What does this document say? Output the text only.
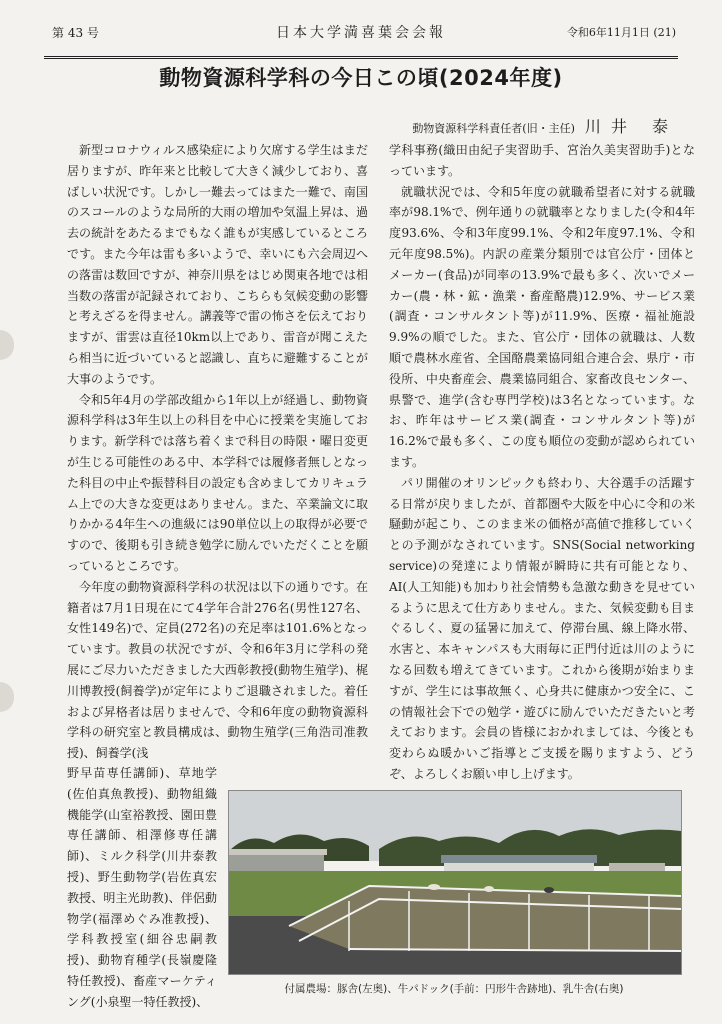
第 43 号	日本大学満喜葉会会報	令和6年11月1日 (21)
動物資源科学科の今日この頃(2024年度)
動物資源科学科責任者(旧・主任) 川井 泰

新型コロナウィルス感染症により欠席する学生はまだ居りますが、昨年来と比較して大きく減少しており、喜ばしい状況です。しかし一難去ってはまた一難で、南国のスコールのような局所的大雨の増加や気温上昇は、過去の統計をあたるまでもなく誰もが実感しているところです。また今年は雷も多いようで、幸いにも六会周辺への落雷は数回ですが、神奈川県をはじめ関東各地では相当数の落雷が記録されており、こちらも気候変動の影響と考えざるを得ません。講義等で雷の怖さを伝えておりますが、雷雲は直径10km以上であり、雷音が聞こえたら相当に近づいていると認識し、直ちに避難することが大事のようです。

令和5年4月の学部改組から1年以上が経過し、動物資源科学科は3年生以上の科目を中心に授業を実施しております。新学科では落ち着くまで科目の時限・曜日変更が生じる可能性のある中、本学科では履修者無しとなった科目の中止や振替科目の設定も含めましてカリキュラム上での大きな変更はありません。また、卒業論文に取りかかる4年生への進級には90単位以上の取得が必要ですので、後期も引き続き勉学に励んでいただくことを願っているところです。

今年度の動物資源科学科の状況は以下の通りです。在籍者は7月1日現在にて4学年合計276名(男性127名、女性149名)で、定員(272名)の充足率は101.6%となっています。教員の状況ですが、令和6年3月に学科の発展にご尽力いただきました大西彰教授(動物生殖学)、梶川博教授(飼養学)が定年によりご退職されました。着任および昇格者は居りませんで、令和6年度の動物資源科学科の研究室と教員構成は、動物生殖学(三角浩司准教授)、飼養学(浅

野早苗専任講師)、草地学(佐伯真魚教授)、動物組織機能学(山室裕教授、園田豊専任講師、相澤修専任講師)、ミルク科学(川井泰教授)、野生動物学(岩佐真宏教授、明主光助教)、伴侶動物学(福澤めぐみ准教授)、学科教授室(細谷忠嗣教授)、動物育種学(長嶺慶隆特任教授)、畜産マーケティング(小泉聖一特任教授)、

学科事務(織田由紀子実習助手、宮治久美実習助手)となっています。

就職状況では、令和5年度の就職希望者に対する就職率が98.1%で、例年通りの就職率となりました(令和4年度93.6%、令和3年度99.1%、令和2年度97.1%、令和元年度98.5%)。内訳の産業分類別では官公庁・団体とメーカー(食品)が同率の13.9%で最も多く、次いでメーカー(農・林・鉱・漁業・畜産酪農)12.9%、サービス業(調査・コンサルタント等)が11.9%、医療・福祉施設9.9%の順でした。また、官公庁・団体の就職は、人数順で農林水産省、全国酪農業協同組合連合会、県庁・市役所、中央畜産会、農業協同組合、家畜改良センター、県警で、進学(含む専門学校)は3名となっています。なお、昨年はサービス業(調査・コンサルタント等)が16.2%で最も多く、この度も順位の変動が認められています。

パリ開催のオリンピックも終わり、大谷選手の活躍する日常が戻りましたが、首都圏や大阪を中心に令和の米騒動が起こり、このまま米の価格が高値で推移していくとの予測がなされています。SNS(Social networking service)の発達により情報が瞬時に共有可能となり、AI(人工知能)も加わり社会情勢も急激な動きを見せているように思えて仕方ありません。また、気候変動も目まぐるしく、夏の猛暑に加えて、停滞台風、線上降水帯、水害と、本キャンパスも大雨毎に正門付近は川のようになる回数も増えてきています。これから後期が始まりますが、学生には事故無く、心身共に健康かつ安全に、この情報社会下での勉学・遊びに励んでいただきたいと考えております。会員の皆様におかれましては、今後とも変わらぬ暖かいご指導とご支援を賜りますよう、どうぞ、よろしくお願い申し上げます。

付属農場：豚舎(左奥)、牛パドック(手前：円形牛舎跡地)、乳牛舎(右奥)
